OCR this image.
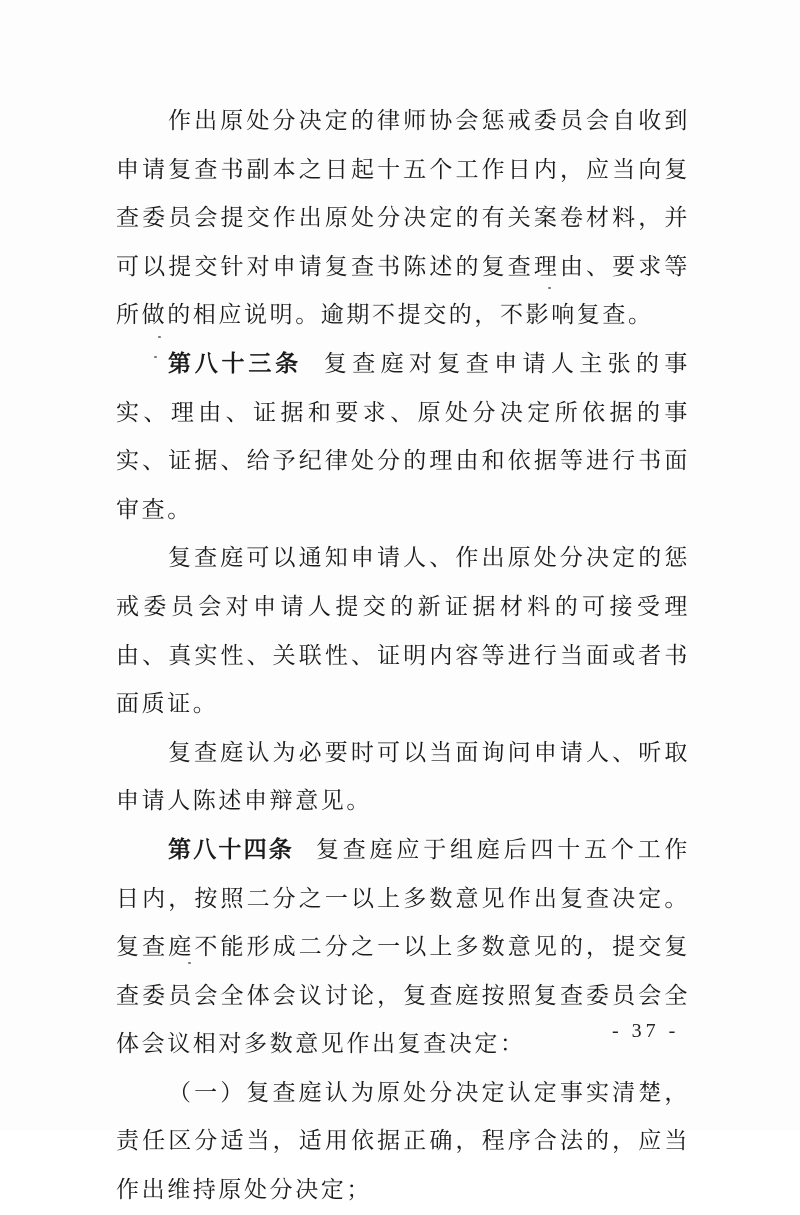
作出原处分决定的律师协会惩戒委员会自收到申请复查书副本之日起十五个工作日内，应当向复查委员会提交作出原处分决定的有关案卷材料，并可以提交针对申请复查书陈述的复查理由、要求等所做的相应说明。逾期不提交的，不影响复查。

第八十三条 复查庭对复查申请人主张的事实、理由、证据和要求、原处分决定所依据的事实、证据、给予纪律处分的理由和依据等进行书面审查。

复查庭可以通知申请人、作出原处分决定的惩戒委员会对申请人提交的新证据材料的可接受理由、真实性、关联性、证明内容等进行当面或者书面质证。

复查庭认为必要时可以当面询问申请人、听取申请人陈述申辩意见。

第八十四条 复查庭应于组庭后四十五个工作日内，按照二分之一以上多数意见作出复查决定。复查庭不能形成二分之一以上多数意见的，提交复查委员会全体会议讨论，复查庭按照复查委员会全体会议相对多数意见作出复查决定：

（一）复查庭认为原处分决定认定事实清楚，责任区分适当，适用依据正确，程序合法的，应当作出维持原处分决定；

- 37 -
